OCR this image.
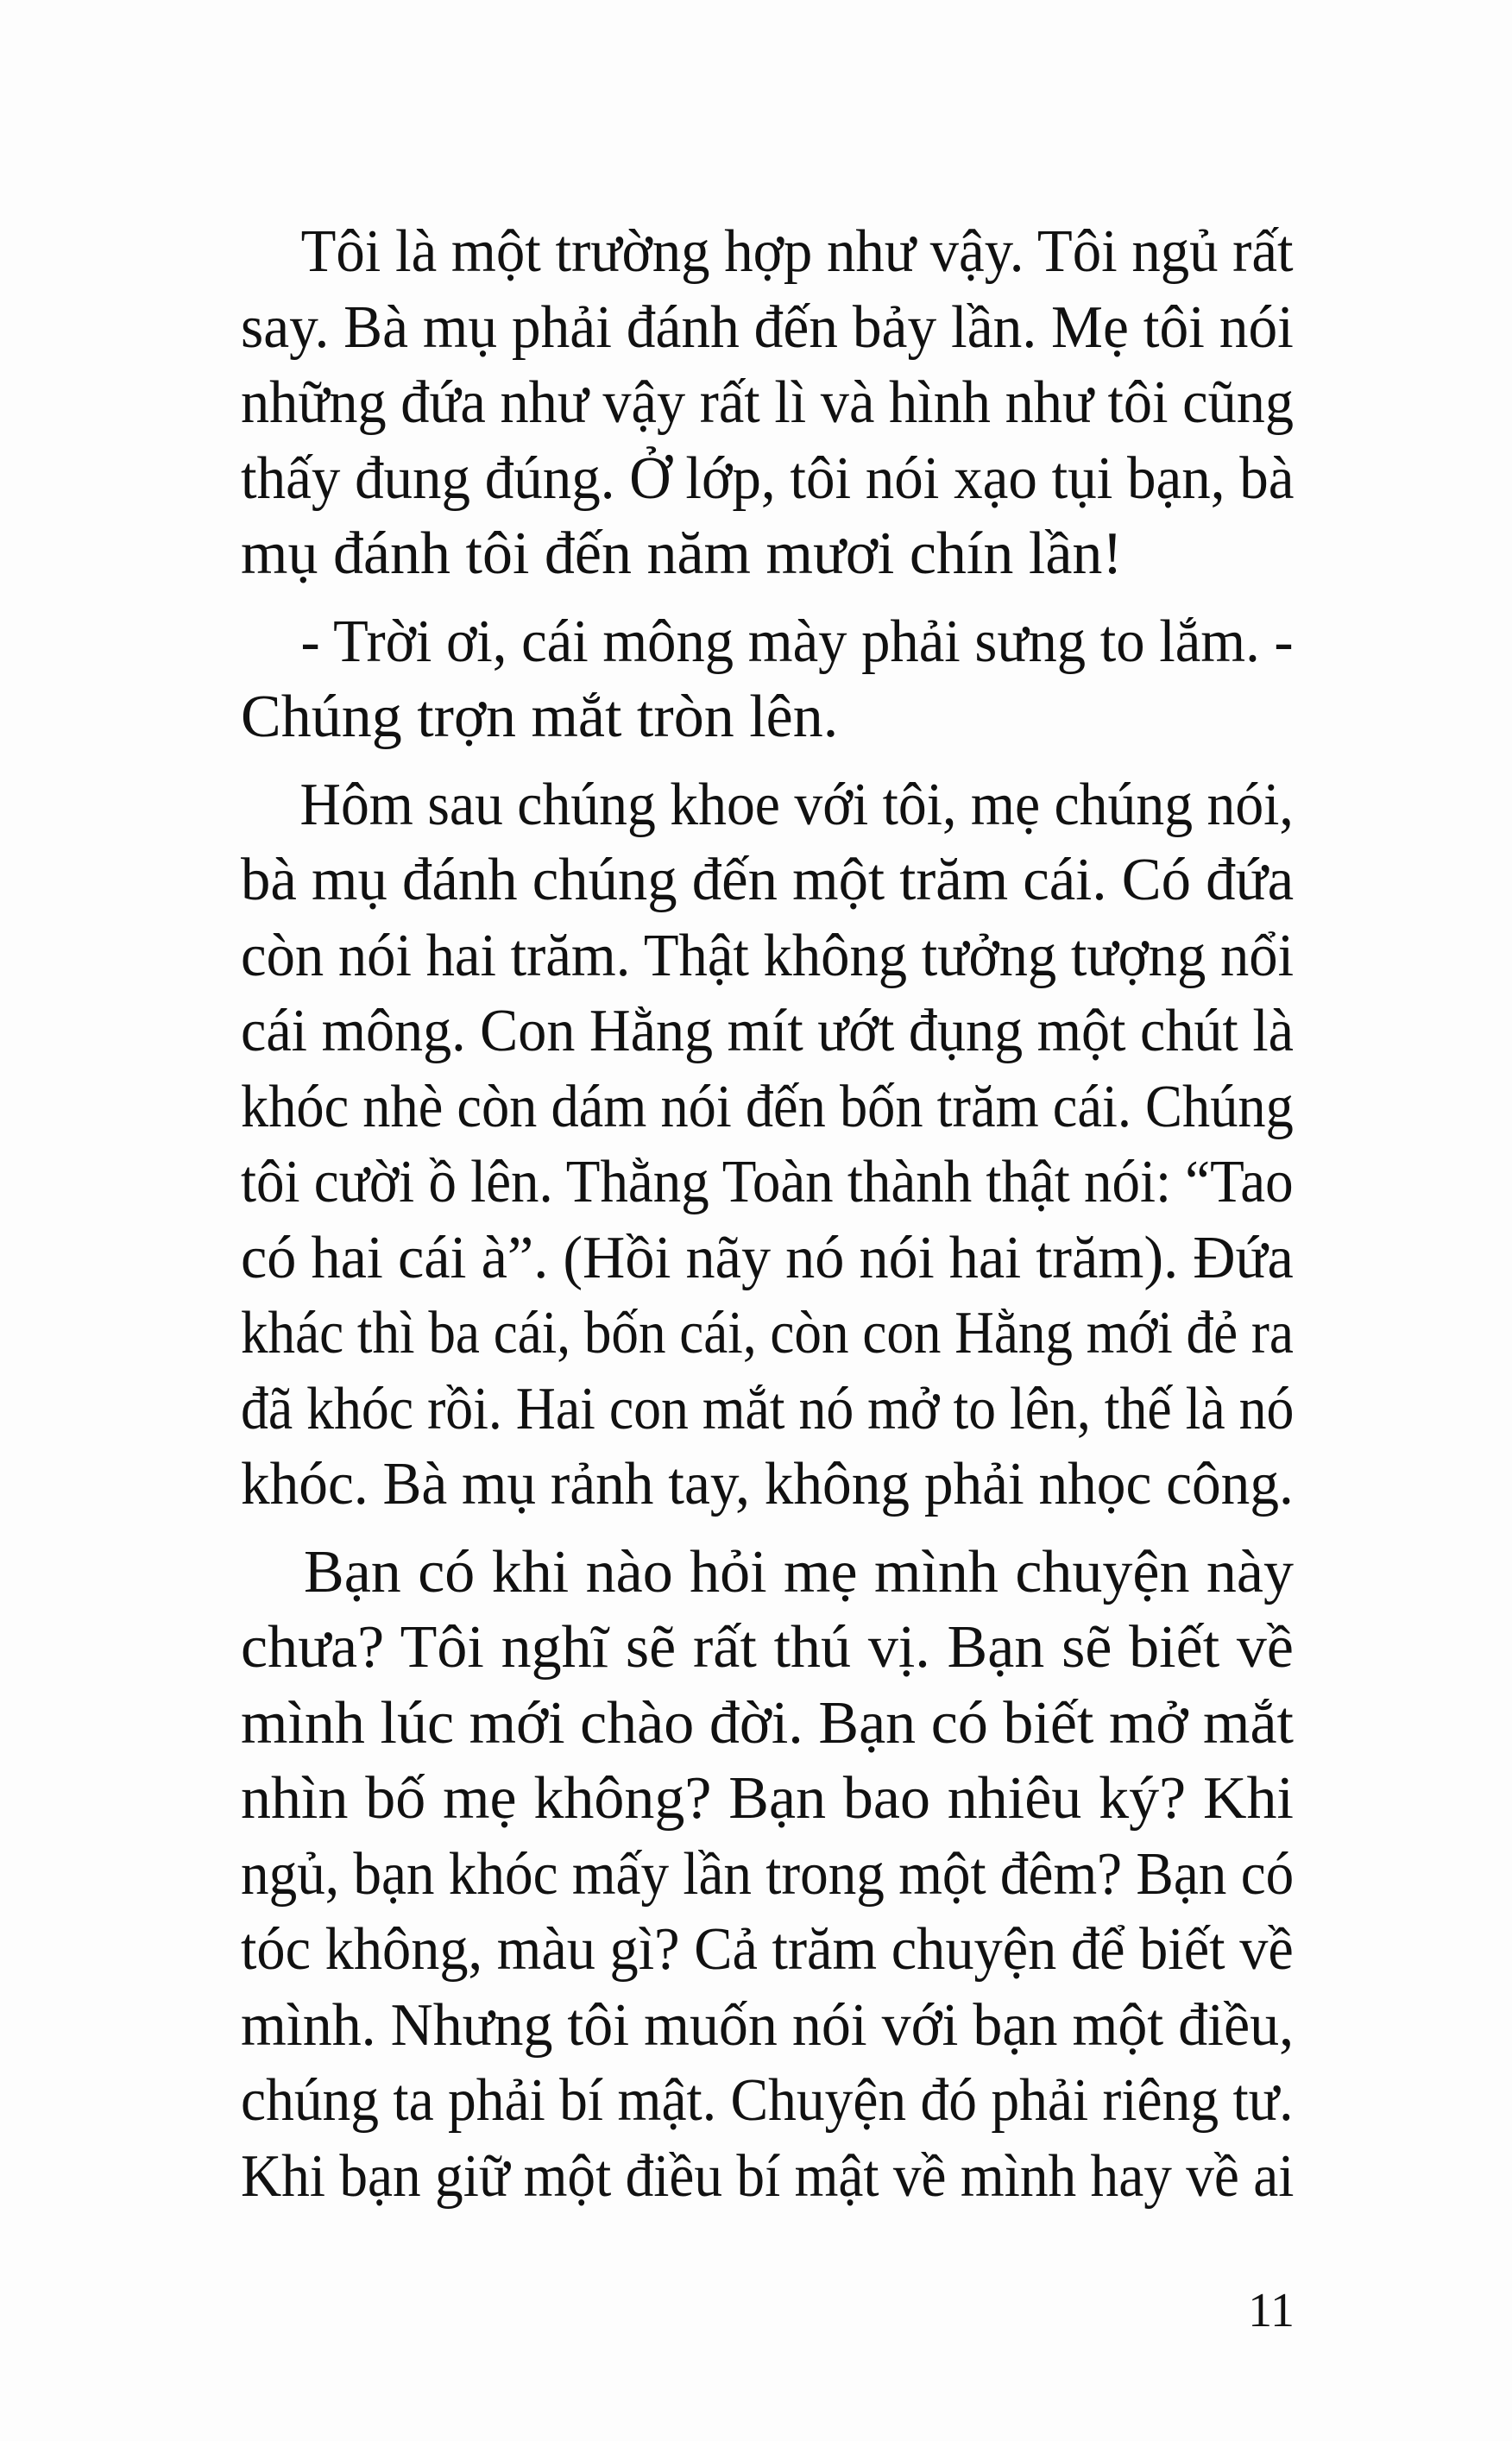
Tôi là một trường hợp như vậy. Tôi ngủ rất
say. Bà mụ phải đánh đến bảy lần. Mẹ tôi nói
những đứa như vậy rất lì và hình như tôi cũng
thấy đung đúng. Ở lớp, tôi nói xạo tụi bạn, bà
mụ đánh tôi đến năm mươi chín lần!
- Trời ơi, cái mông mày phải sưng to lắm. -
Chúng trợn mắt tròn lên.
Hôm sau chúng khoe với tôi, mẹ chúng nói,
bà mụ đánh chúng đến một trăm cái. Có đứa
còn nói hai trăm. Thật không tưởng tượng nổi
cái mông. Con Hằng mít ướt đụng một chút là
khóc nhè còn dám nói đến bốn trăm cái. Chúng
tôi cười ồ lên. Thằng Toàn thành thật nói: “Tao
có hai cái à”. (Hồi nãy nó nói hai trăm). Đứa
khác thì ba cái, bốn cái, còn con Hằng mới đẻ ra
đã khóc rồi. Hai con mắt nó mở to lên, thế là nó
khóc. Bà mụ rảnh tay, không phải nhọc công.
Bạn có khi nào hỏi mẹ mình chuyện này
chưa? Tôi nghĩ sẽ rất thú vị. Bạn sẽ biết về
mình lúc mới chào đời. Bạn có biết mở mắt
nhìn bố mẹ không? Bạn bao nhiêu ký? Khi
ngủ, bạn khóc mấy lần trong một đêm? Bạn có
tóc không, màu gì? Cả trăm chuyện để biết về
mình. Nhưng tôi muốn nói với bạn một điều,
chúng ta phải bí mật. Chuyện đó phải riêng tư.
Khi bạn giữ một điều bí mật về mình hay về ai
11
